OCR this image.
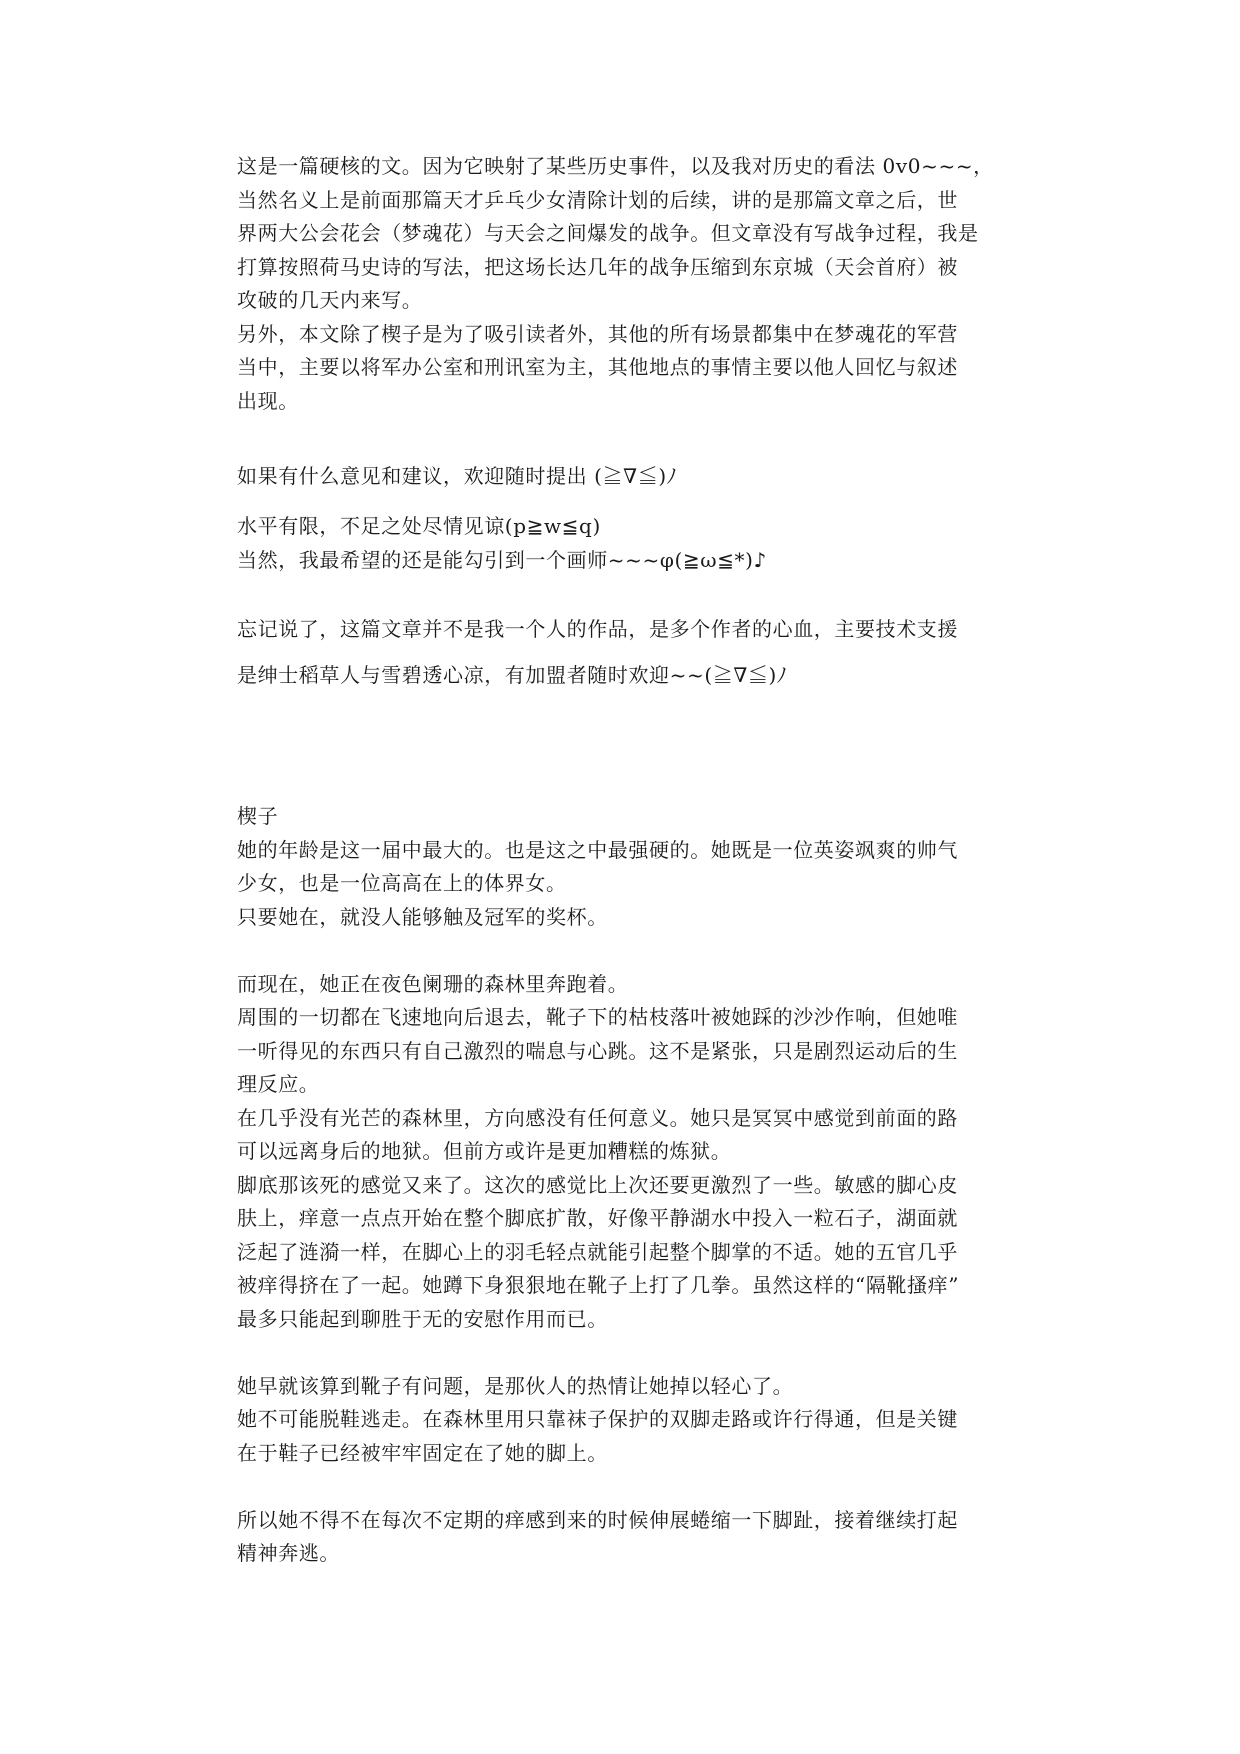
这是一篇硬核的文。因为它映射了某些历史事件，以及我对历史的看法 0v0~~~，

当然名义上是前面那篇天才乒乓少女清除计划的后续，讲的是那篇文章之后，世

界两大公会花会（梦魂花）与天会之间爆发的战争。但文章没有写战争过程，我是

打算按照荷马史诗的写法，把这场长达几年的战争压缩到东京城（天会首府）被

攻破的几天内来写。

另外，本文除了楔子是为了吸引读者外，其他的所有场景都集中在梦魂花的军营

当中，主要以将军办公室和刑讯室为主，其他地点的事情主要以他人回忆与叙述

出现。

如果有什么意见和建议，欢迎随时提出 (≧∇≦)ﾉ

水平有限，不足之处尽情见谅(p≧w≦q)

当然，我最希望的还是能勾引到一个画师~~~φ(≧ω≦*)♪

忘记说了，这篇文章并不是我一个人的作品，是多个作者的心血，主要技术支援

是绅士稻草人与雪碧透心凉，有加盟者随时欢迎~~(≧∇≦)ﾉ

楔子

她的年龄是这一届中最大的。也是这之中最强硬的。她既是一位英姿飒爽的帅气

少女，也是一位高高在上的体界女。

只要她在，就没人能够触及冠军的奖杯。

而现在，她正在夜色阑珊的森林里奔跑着。

周围的一切都在飞速地向后退去，靴子下的枯枝落叶被她踩的沙沙作响，但她唯

一听得见的东西只有自己激烈的喘息与心跳。这不是紧张，只是剧烈运动后的生

理反应。

在几乎没有光芒的森林里，方向感没有任何意义。她只是冥冥中感觉到前面的路

可以远离身后的地狱。但前方或许是更加糟糕的炼狱。

脚底那该死的感觉又来了。这次的感觉比上次还要更激烈了一些。敏感的脚心皮

肤上，痒意一点点开始在整个脚底扩散，好像平静湖水中投入一粒石子，湖面就

泛起了涟漪一样，在脚心上的羽毛轻点就能引起整个脚掌的不适。她的五官几乎

被痒得挤在了一起。她蹲下身狠狠地在靴子上打了几拳。虽然这样的“隔靴搔痒”

最多只能起到聊胜于无的安慰作用而已。

她早就该算到靴子有问题，是那伙人的热情让她掉以轻心了。

她不可能脱鞋逃走。在森林里用只靠袜子保护的双脚走路或许行得通，但是关键

在于鞋子已经被牢牢固定在了她的脚上。

所以她不得不在每次不定期的痒感到来的时候伸展蜷缩一下脚趾，接着继续打起

精神奔逃。
